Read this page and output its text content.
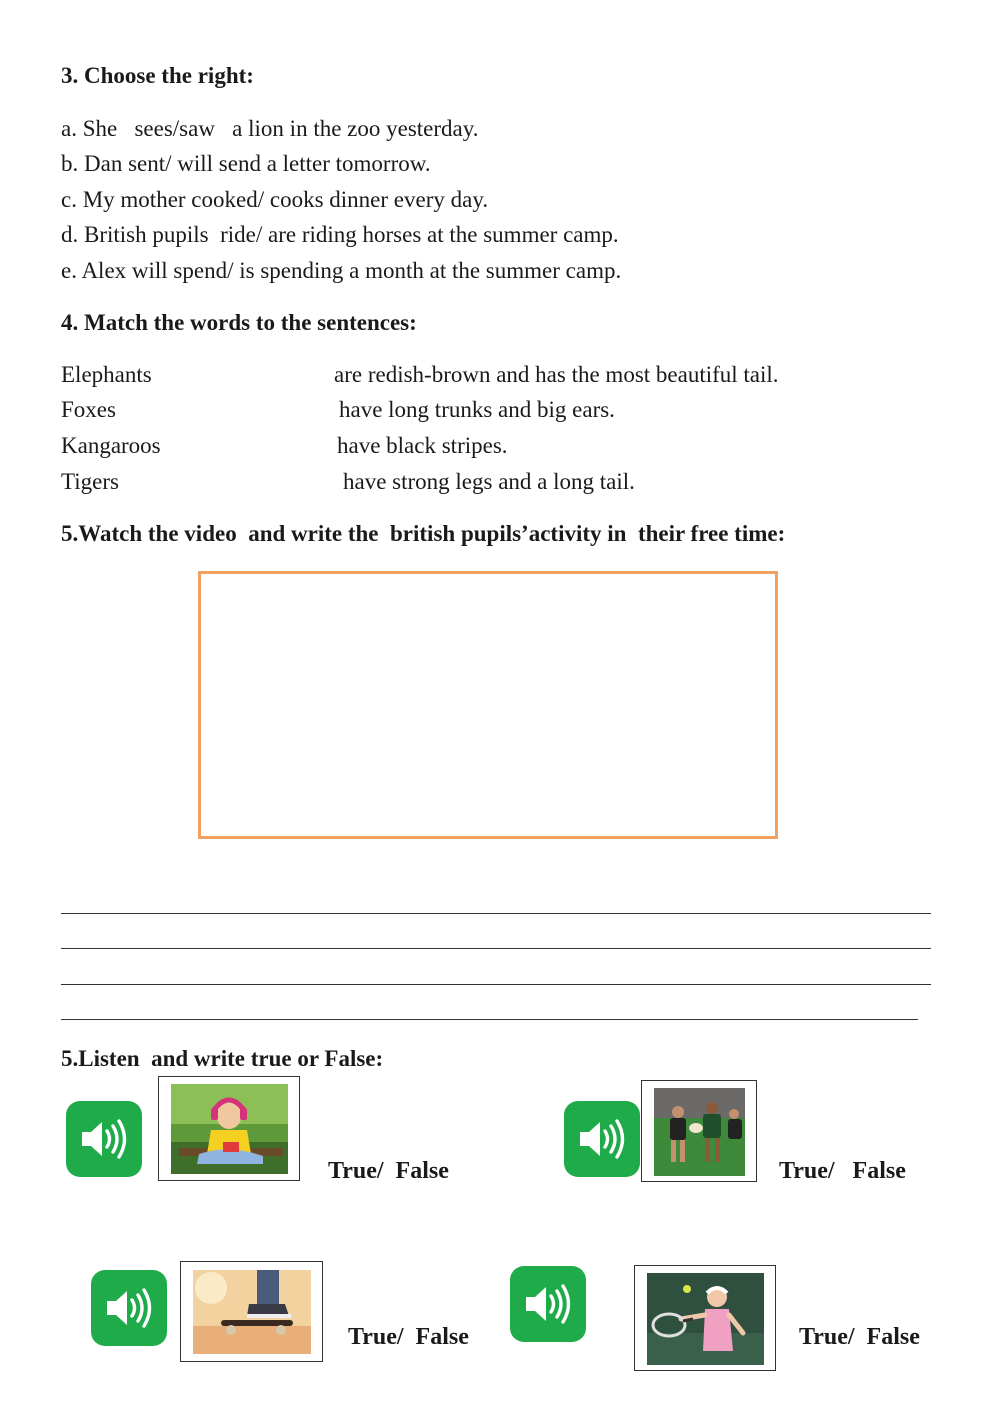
3. Choose the right:
a. She   sees/saw   a lion in the zoo yesterday.
b. Dan sent/ will send a letter tomorrow.
c. My mother cooked/ cooks dinner every day.
d. British pupils  ride/ are riding horses at the summer camp.
e. Alex will spend/ is spending a month at the summer camp.
4. Match the words to the sentences:
Elephants
Foxes
Kangaroos
Tigers
are redish-brown and has the most beautiful tail.
have long trunks and big ears.
have black stripes.
have strong legs and a long tail.
5.Watch the video  and write the  british pupils’activity in  their free time:
5.Listen  and write true or False:
True/  False	True/   False
True/  False	True/  False
